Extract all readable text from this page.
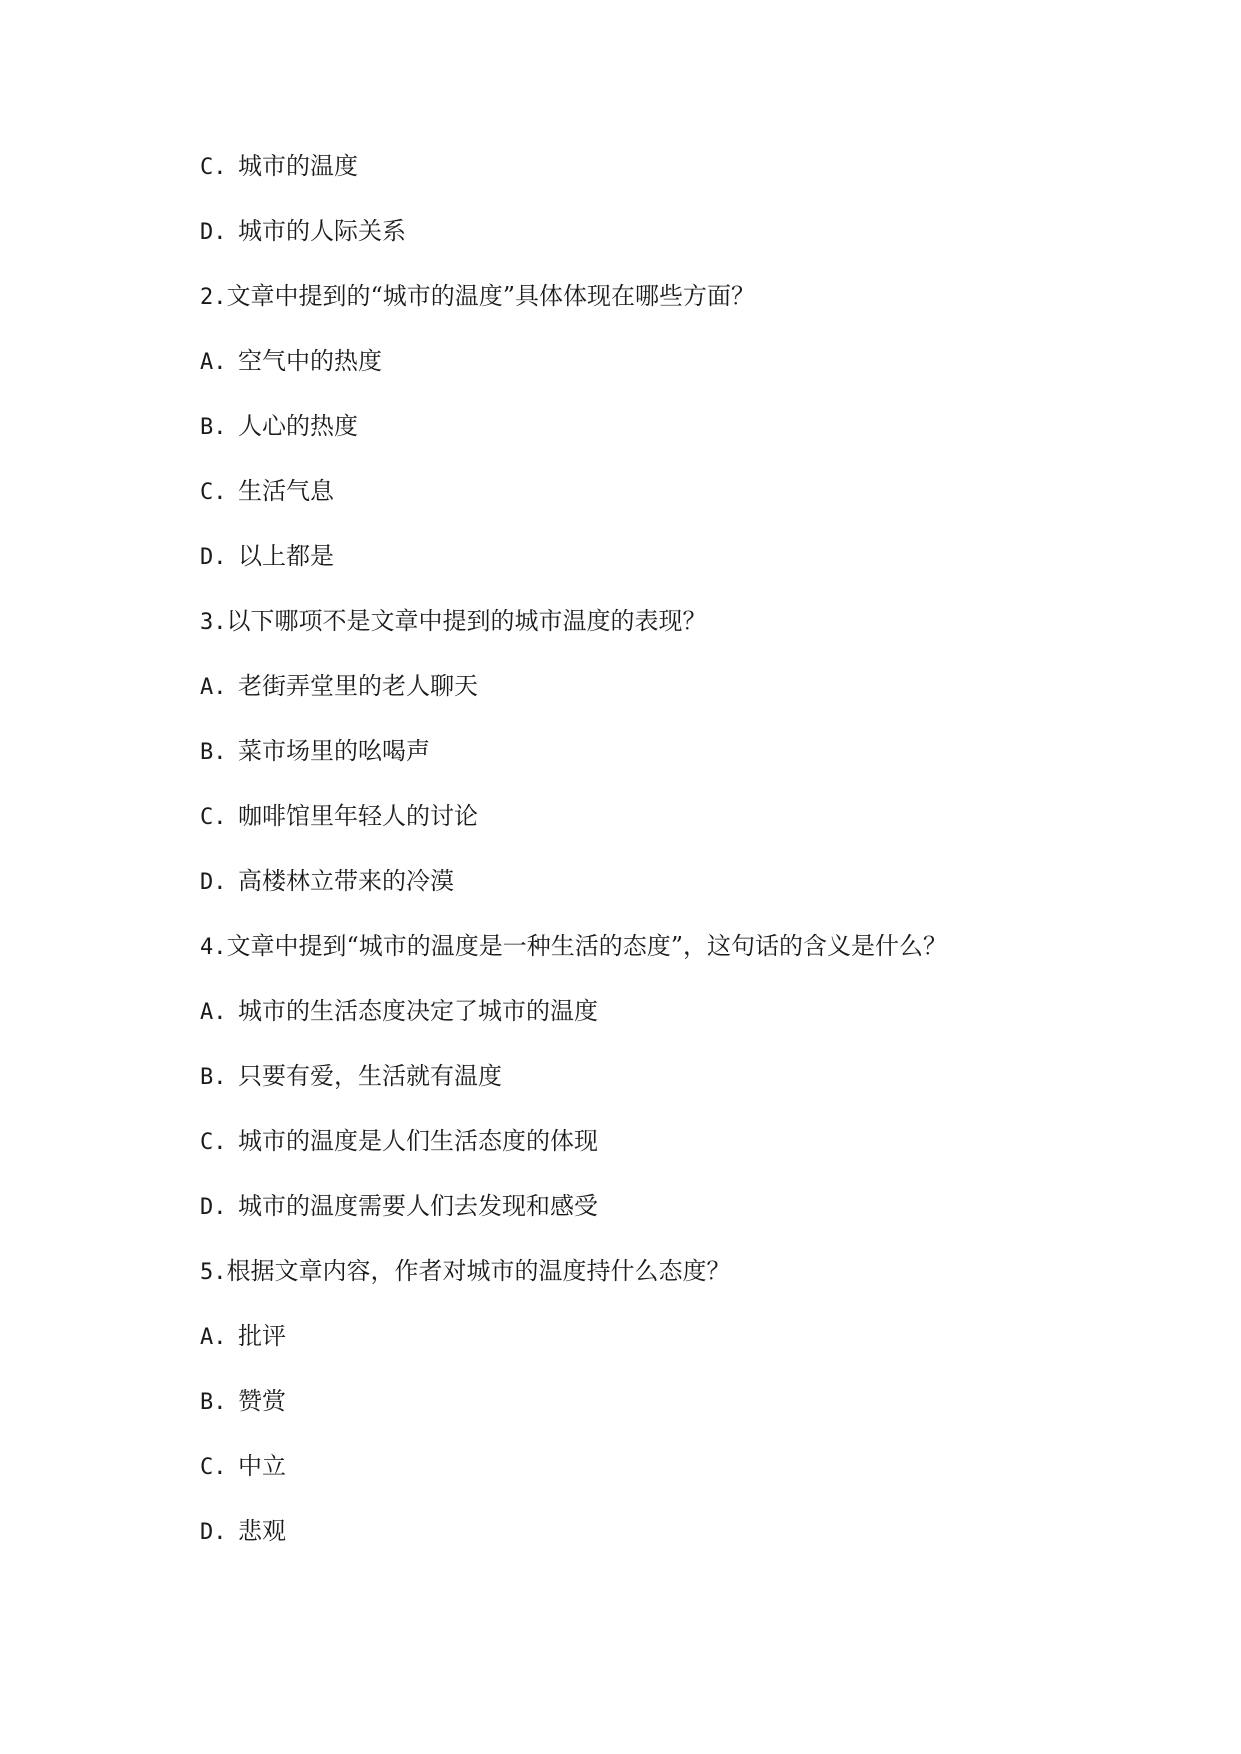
C. 城市的温度
D. 城市的人际关系
2.文章中提到的“城市的温度”具体体现在哪些方面？
A. 空气中的热度
B. 人心的热度
C. 生活气息
D. 以上都是
3.以下哪项不是文章中提到的城市温度的表现？
A. 老街弄堂里的老人聊天
B. 菜市场里的吆喝声
C. 咖啡馆里年轻人的讨论
D. 高楼林立带来的冷漠
4.文章中提到“城市的温度是一种生活的态度”，这句话的含义是什么？
A. 城市的生活态度决定了城市的温度
B. 只要有爱，生活就有温度
C. 城市的温度是人们生活态度的体现
D. 城市的温度需要人们去发现和感受
5.根据文章内容，作者对城市的温度持什么态度？
A. 批评
B. 赞赏
C. 中立
D. 悲观
